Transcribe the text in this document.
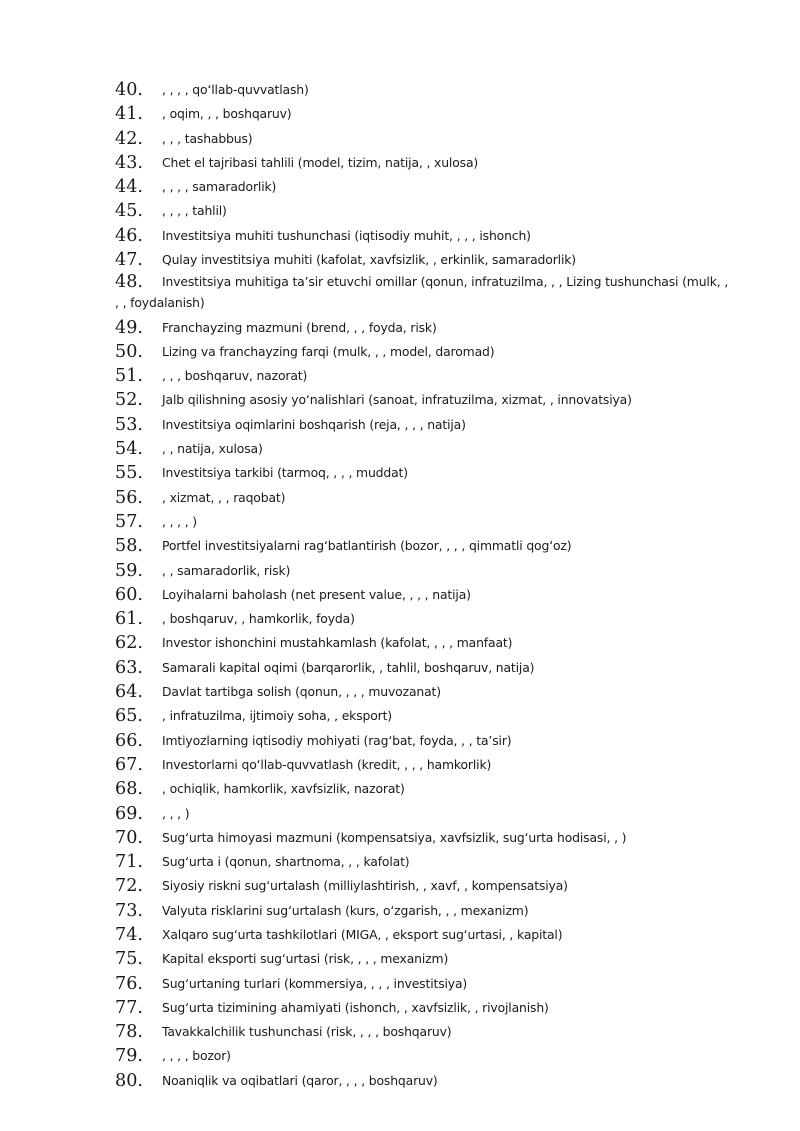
40. , , , , qo‘llab-quvvatlash)
41. , oqim, , , boshqaruv)
42. , , , tashabbus)
43. Chet el tajribasi tahlili (model, tizim, natija, , xulosa)
44. , , , , samaradorlik)
45. , , , , tahlil)
46. Investitsiya muhiti tushunchasi (iqtisodiy muhit, , , , ishonch)
47. Qulay investitsiya muhiti (kafolat, xavfsizlik, , erkinlik, samaradorlik)
48. Investitsiya muhitiga ta’sir etuvchi omillar (qonun, infratuzilma, , , Lizing tushunchasi (mulk, , , , foydalanish)
49. Franchayzing mazmuni (brend, , , foyda, risk)
50. Lizing va franchayzing farqi (mulk, , , model, daromad)
51. , , , boshqaruv, nazorat)
52. Jalb qilishning asosiy yo‘nalishlari (sanoat, infratuzilma, xizmat, , innovatsiya)
53. Investitsiya oqimlarini boshqarish (reja, , , , natija)
54. , , natija, xulosa)
55. Investitsiya tarkibi (tarmoq, , , , muddat)
56. , xizmat, , , raqobat)
57. , , , , )
58. Portfel investitsiyalarni rag‘batlantirish (bozor, , , , qimmatli qog‘oz)
59. , , samaradorlik, risk)
60. Loyihalarni baholash (net present value, , , , natija)
61. , boshqaruv, , hamkorlik, foyda)
62. Investor ishonchini mustahkamlash (kafolat, , , , manfaat)
63. Samarali kapital oqimi (barqarorlik, , tahlil, boshqaruv, natija)
64. Davlat tartibga solish (qonun, , , , muvozanat)
65. , infratuzilma, ijtimoiy soha, , eksport)
66. Imtiyozlarning iqtisodiy mohiyati (rag‘bat, foyda, , , ta’sir)
67. Investorlarni qo‘llab-quvvatlash (kredit, , , , hamkorlik)
68. , ochiqlik, hamkorlik, xavfsizlik, nazorat)
69. , , , )
70. Sug‘urta himoyasi mazmuni (kompensatsiya, xavfsizlik, sug‘urta hodisasi, , )
71. Sug‘urta i (qonun, shartnoma, , , kafolat)
72. Siyosiy riskni sug‘urtalash (milliylashtirish, , xavf, , kompensatsiya)
73. Valyuta risklarini sug‘urtalash (kurs, o‘zgarish, , , mexanizm)
74. Xalqaro sug‘urta tashkilotlari (MIGA, , eksport sug‘urtasi, , kapital)
75. Kapital eksporti sug‘urtasi (risk, , , , mexanizm)
76. Sug‘urtaning turlari (kommersiya, , , , investitsiya)
77. Sug‘urta tizimining ahamiyati (ishonch, , xavfsizlik, , rivojlanish)
78. Tavakkalchilik tushunchasi (risk, , , , boshqaruv)
79. , , , , bozor)
80. Noaniqlik va oqibatlari (qaror, , , , boshqaruv)
